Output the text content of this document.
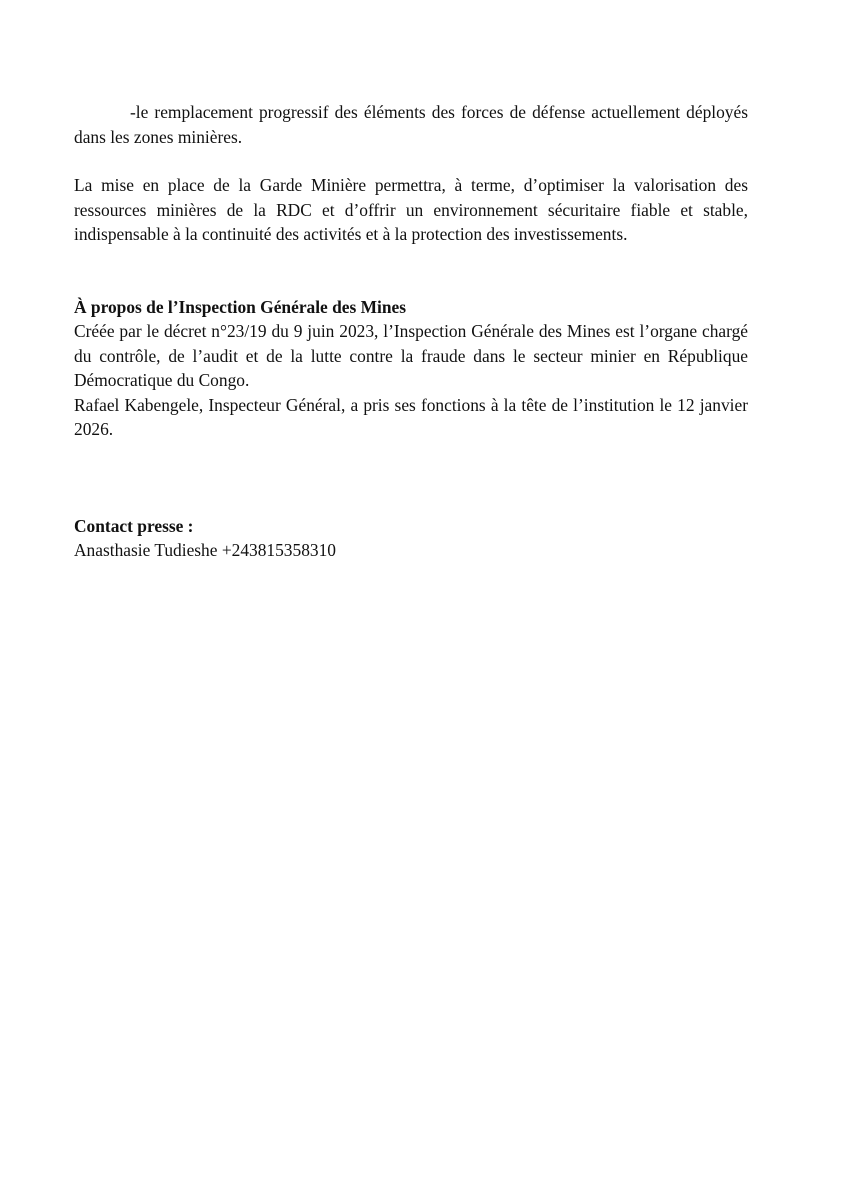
-le remplacement progressif des éléments des forces de défense actuellement déployés dans les zones minières.

La mise en place de la Garde Minière permettra, à terme, d’optimiser la valorisation des ressources minières de la RDC et d’offrir un environnement sécuritaire fiable et stable, indispensable à la continuité des activités et à la protection des investissements.

À propos de l’Inspection Générale des Mines

Créée par le décret n°23/19 du 9 juin 2023, l’Inspection Générale des Mines est l’organe chargé du contrôle, de l’audit et de la lutte contre la fraude dans le secteur minier en République Démocratique du Congo.

Rafael Kabengele, Inspecteur Général, a pris ses fonctions à la tête de l’institution le 12 janvier 2026.

Contact presse :

Anasthasie Tudieshe +243815358310
